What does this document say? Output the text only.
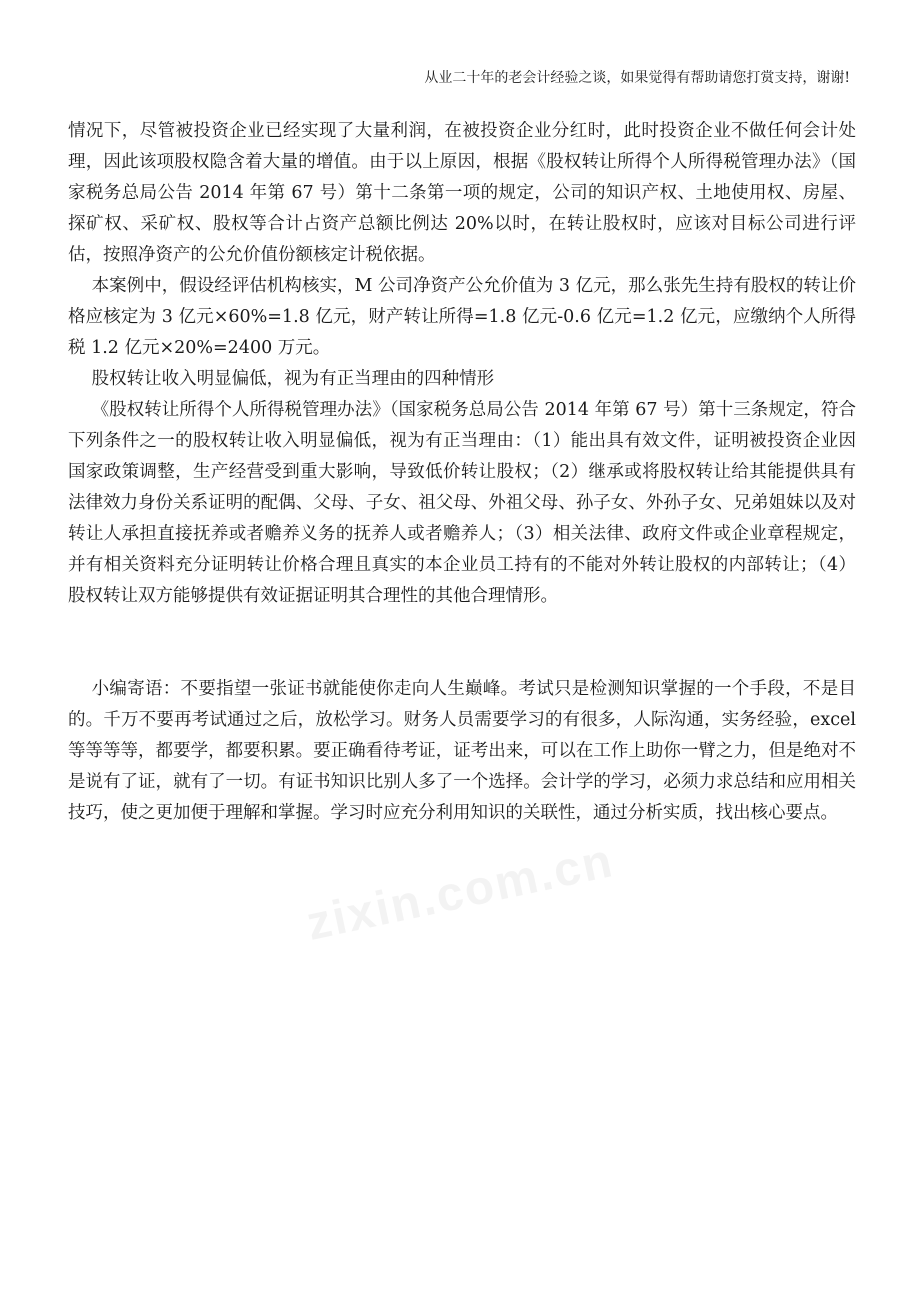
从业二十年的老会计经验之谈，如果觉得有帮助请您打赏支持，谢谢!

情况下，尽管被投资企业已经实现了大量利润，在被投资企业分红时，此时投资企业不做任何会计处理，因此该项股权隐含着大量的增值。由于以上原因，根据《股权转让所得个人所得税管理办法》（国家税务总局公告 2014 年第 67 号）第十二条第一项的规定，公司的知识产权、土地使用权、房屋、探矿权、采矿权、股权等合计占资产总额比例达 20%以时，在转让股权时，应该对目标公司进行评估，按照净资产的公允价值份额核定计税依据。

本案例中，假设经评估机构核实，M 公司净资产公允价值为 3 亿元，那么张先生持有股权的转让价格应核定为 3 亿元×60%=1.8 亿元，财产转让所得=1.8 亿元-0.6 亿元=1.2 亿元，应缴纳个人所得税 1.2 亿元×20%=2400 万元。

股权转让收入明显偏低，视为有正当理由的四种情形

《股权转让所得个人所得税管理办法》（国家税务总局公告 2014 年第 67 号）第十三条规定，符合下列条件之一的股权转让收入明显偏低，视为有正当理由：（1）能出具有效文件，证明被投资企业因国家政策调整，生产经营受到重大影响，导致低价转让股权；（2）继承或将股权转让给其能提供具有法律效力身份关系证明的配偶、父母、子女、祖父母、外祖父母、孙子女、外孙子女、兄弟姐妹以及对转让人承担直接抚养或者赡养义务的抚养人或者赡养人；（3）相关法律、政府文件或企业章程规定，并有相关资料充分证明转让价格合理且真实的本企业员工持有的不能对外转让股权的内部转让；（4）股权转让双方能够提供有效证据证明其合理性的其他合理情形。

小编寄语：不要指望一张证书就能使你走向人生巅峰。考试只是检测知识掌握的一个手段，不是目的。千万不要再考试通过之后，放松学习。财务人员需要学习的有很多，人际沟通，实务经验，excel 等等等等，都要学，都要积累。要正确看待考证，证考出来，可以在工作上助你一臂之力，但是绝对不是说有了证，就有了一切。有证书知识比别人多了一个选择。会计学的学习，必须力求总结和应用相关技巧，使之更加便于理解和掌握。学习时应充分利用知识的关联性，通过分析实质，找出核心要点。

zixin.com.cn
